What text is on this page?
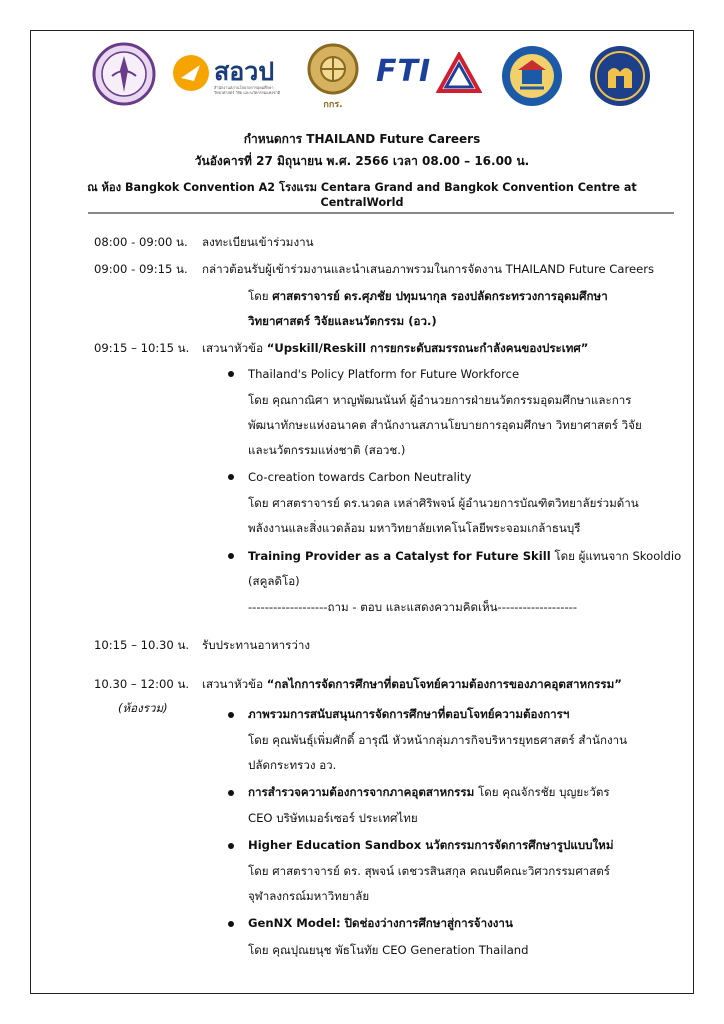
สอวป
สำนักงานสภานโยบายการอุดมศึกษา วิทยาศาสตร์ วิจัย และนวัตกรรมแห่งชาติ
กกร.
FTI
กำหนดการ THAILAND Future Careers
วันอังคารที่ 27 มิถุนายน พ.ศ. 2566 เวลา 08.00 – 16.00 น.
ณ ห้อง Bangkok Convention A2 โรงแรม Centara Grand and Bangkok Convention Centre at CentralWorld
08:00 - 09:00 น. ลงทะเบียนเข้าร่วมงาน
09:00 - 09:15 น. กล่าวต้อนรับผู้เข้าร่วมงานและนำเสนอภาพรวมในการจัดงาน THAILAND Future Careers
โดย ศาสตราจารย์ ดร.ศุภชัย ปทุมนากุล รองปลัดกระทรวงการอุดมศึกษา
วิทยาศาสตร์ วิจัยและนวัตกรรม (อว.)
09:15 – 10:15 น. เสวนาหัวข้อ “Upskill/Reskill การยกระดับสมรรถนะกำลังคนของประเทศ”
Thailand's Policy Platform for Future Workforce
โดย คุณกาณิศา หาญพัฒนนันท์ ผู้อำนวยการฝ่ายนวัตกรรมอุดมศึกษาและการ
พัฒนาทักษะแห่งอนาคต สำนักงานสภานโยบายการอุดมศึกษา วิทยาศาสตร์ วิจัย
และนวัตกรรมแห่งชาติ (สอวช.)
Co-creation towards Carbon Neutrality
โดย ศาสตราจารย์ ดร.นวดล เหล่าศิริพจน์ ผู้อำนวยการบัณฑิตวิทยาลัยร่วมด้าน
พลังงานและสิ่งแวดล้อม มหาวิทยาลัยเทคโนโลยีพระจอมเกล้าธนบุรี
Training Provider as a Catalyst for Future Skill โดย ผู้แทนจาก Skooldio
(สคูลดิโอ)
-------------------ถาม - ตอบ และแสดงความคิดเห็น-------------------
10:15 – 10.30 น. รับประทานอาหารว่าง
10.30 – 12:00 น.
(ห้องรวม)
เสวนาหัวข้อ “กลไกการจัดการศึกษาที่ตอบโจทย์ความต้องการของภาคอุตสาหกรรม”
ภาพรวมการสนับสนุนการจัดการศึกษาที่ตอบโจทย์ความต้องการฯ
โดย คุณพันธุ์เพิ่มศักดิ์ อารุณี หัวหน้ากลุ่มภารกิจบริหารยุทธศาสตร์ สำนักงาน
ปลัดกระทรวง อว.
การสำรวจความต้องการจากภาคอุตสาหกรรม โดย คุณจักรชัย บุญยะวัตร
CEO บริษัทเมอร์เซอร์ ประเทศไทย
Higher Education Sandbox นวัตกรรมการจัดการศึกษารูปแบบใหม่
โดย ศาสตราจารย์ ดร. สุพจน์ เตชวรสินสกุล คณบดีคณะวิศวกรรมศาสตร์
จุฬาลงกรณ์มหาวิทยาลัย
GenNX Model: ปิดช่องว่างการศึกษาสู่การจ้างงาน
โดย คุณปุณยนุช พัธโนทัย CEO Generation Thailand
